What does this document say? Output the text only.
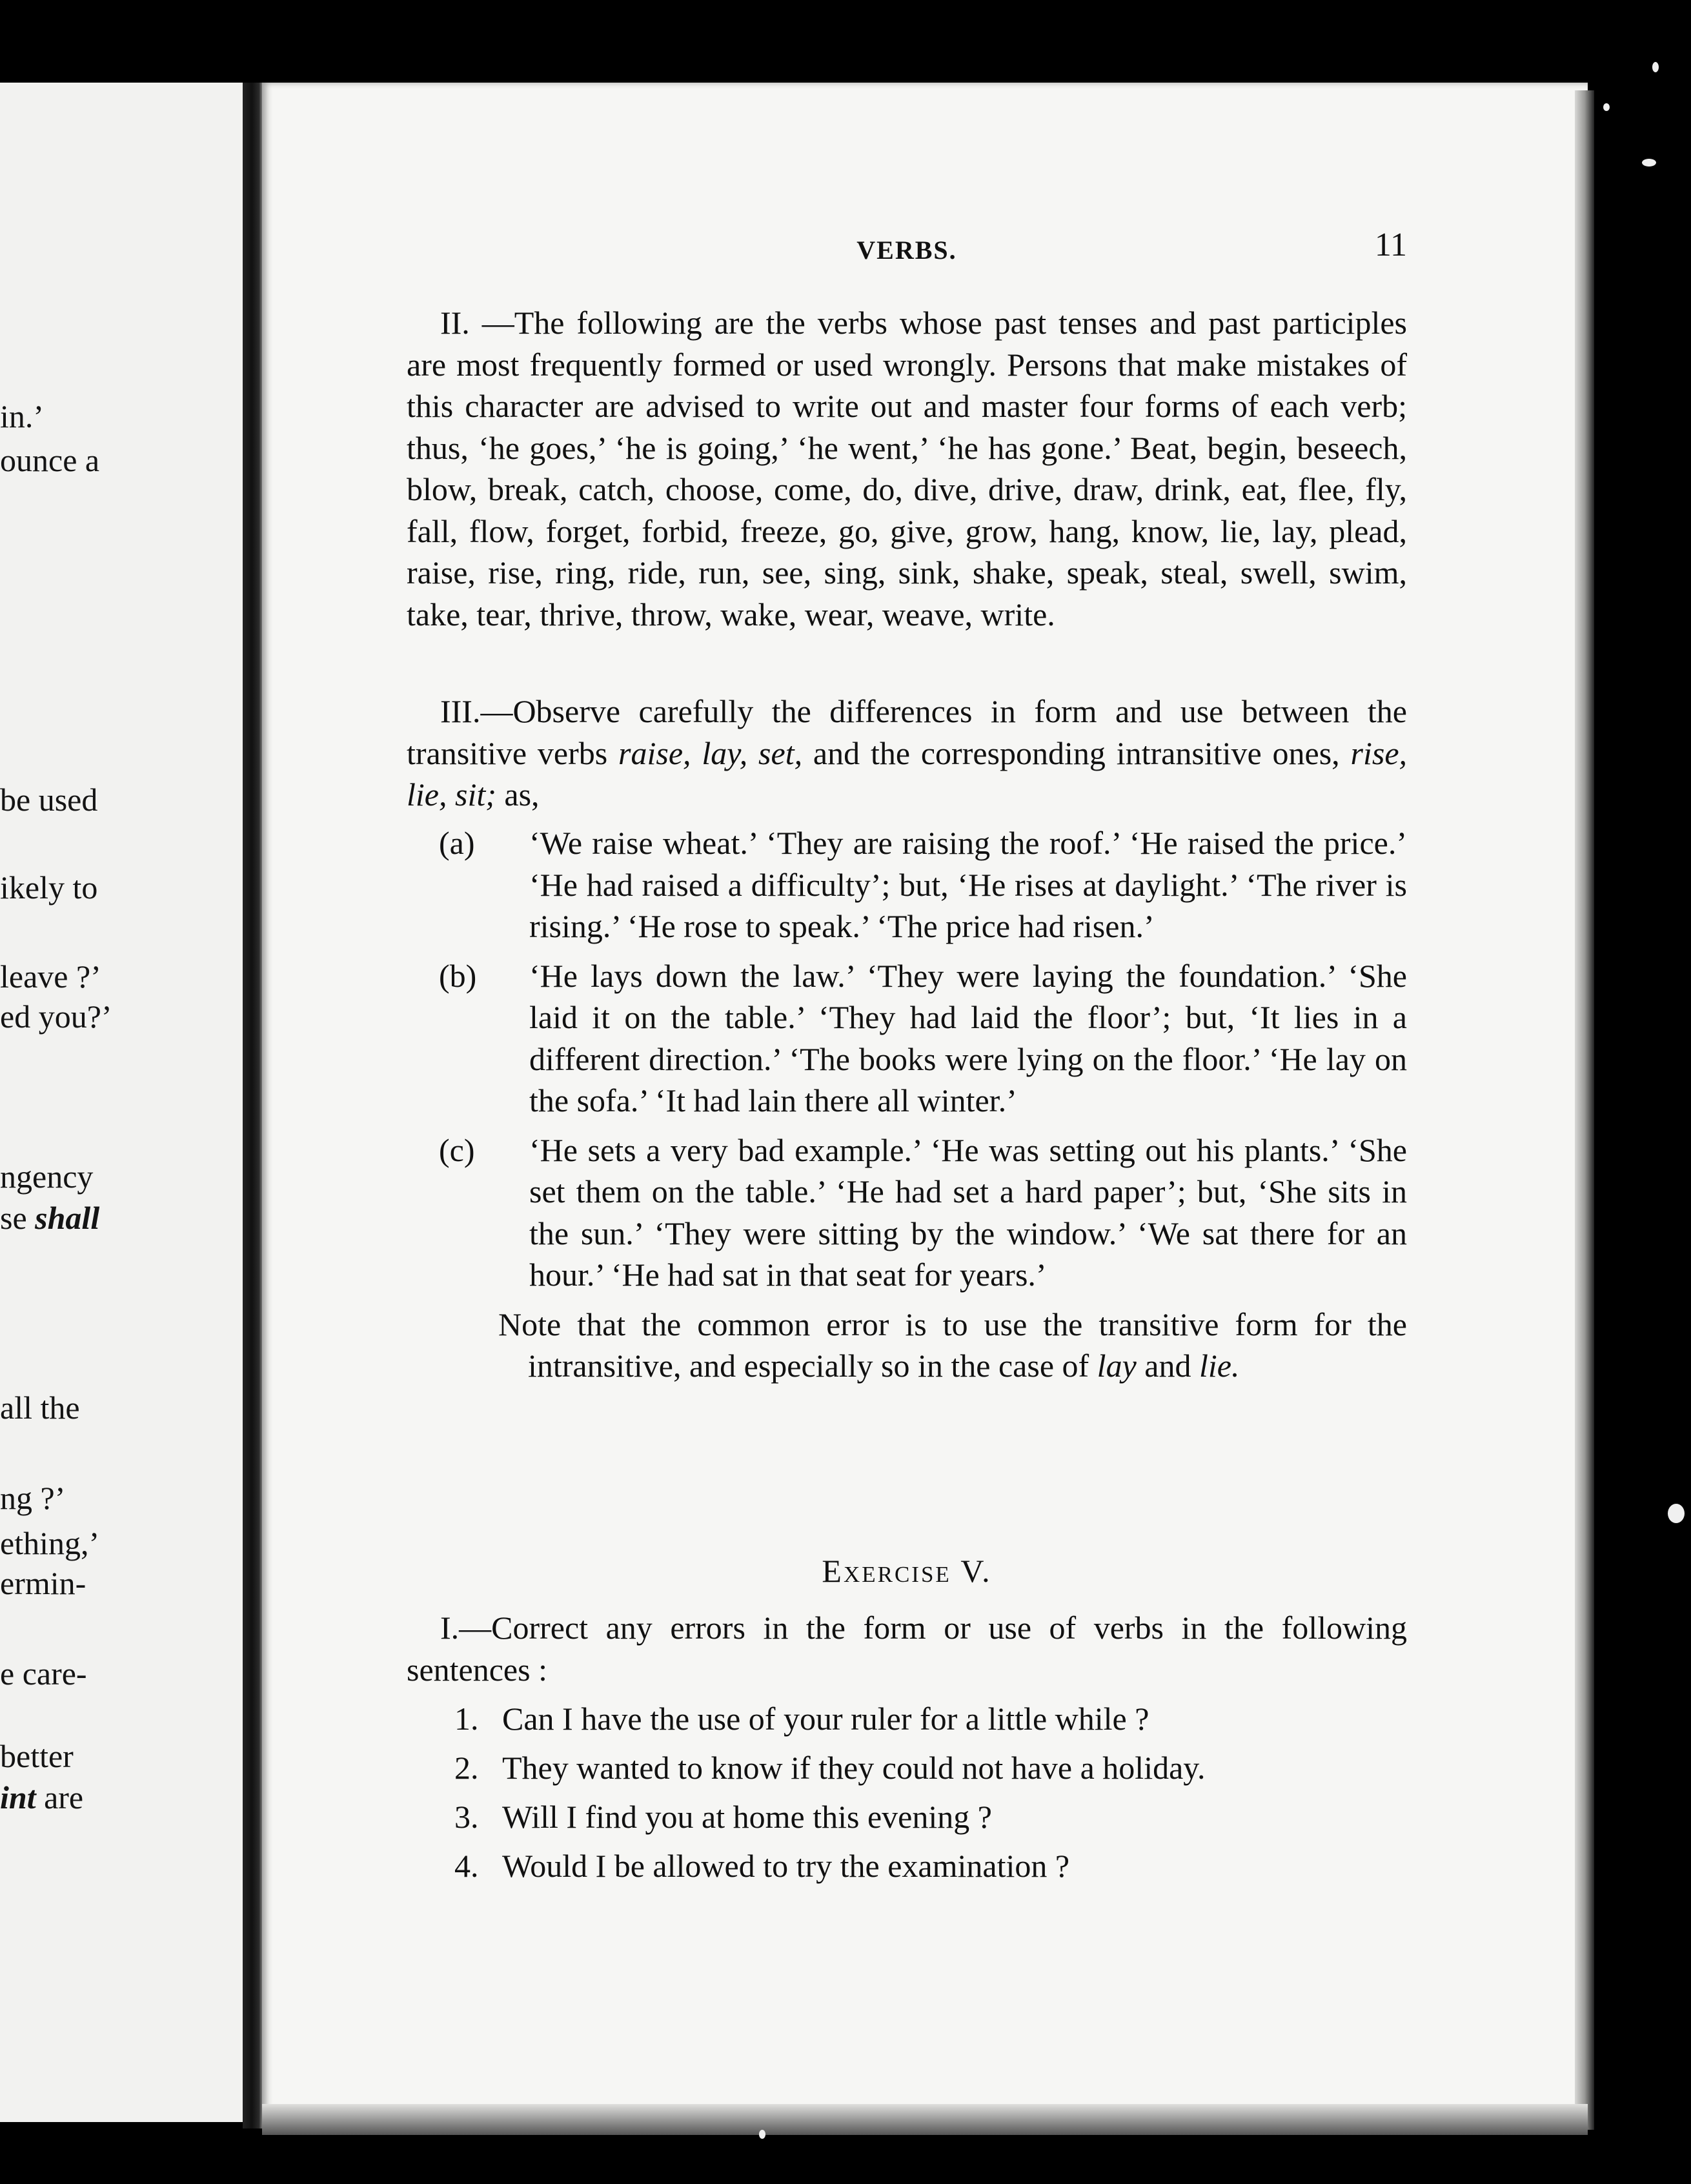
in.’
ounce a
be used
ikely to
leave ?’
ed you?’
ngency
se shall
all the
ng ?’
ething,’
ermin-
e care-
better
int are
VERBS.	11

II. —The following are the verbs whose past tenses and past participles are most frequently formed or used wrongly. Persons that make mistakes of this character are advised to write out and master four forms of each verb; thus, ‘he goes,’ ‘he is going,’ ‘he went,’ ‘he has gone.’ Beat, begin, beseech, blow, break, catch, choose, come, do, dive, drive, draw, drink, eat, flee, fly, fall, flow, forget, forbid, freeze, go, give, grow, hang, know, lie, lay, plead, raise, rise, ring, ride, run, see, sing, sink, shake, speak, steal, swell, swim, take, tear, thrive, throw, wake, wear, weave, write.

III.—Observe carefully the differences in form and use between the transitive verbs raise, lay, set, and the corresponding intransitive ones, rise, lie, sit; as,

(a) ‘We raise wheat.’ ‘They are raising the roof.’ ‘He raised the price.’ ‘He had raised a difficulty’; but, ‘He rises at daylight.’ ‘The river is rising.’ ‘He rose to speak.’ ‘The price had risen.’

(b) ‘He lays down the law.’ ‘They were laying the foundation.’ ‘She laid it on the table.’ ‘They had laid the floor’; but, ‘It lies in a different direction.’ ‘The books were lying on the floor.’ ‘He lay on the sofa.’ ‘It had lain there all winter.’

(c) ‘He sets a very bad example.’ ‘He was setting out his plants.’ ‘She set them on the table.’ ‘He had set a hard paper’; but, ‘She sits in the sun.’ ‘They were sitting by the window.’ ‘We sat there for an hour.’ ‘He had sat in that seat for years.’

Note that the common error is to use the transitive form for the intransitive, and especially so in the case of lay and lie.

Exercise V.

I.—Correct any errors in the form or use of verbs in the following sentences :

1. Can I have the use of your ruler for a little while ?

2. They wanted to know if they could not have a holiday.

3. Will I find you at home this evening ?

4. Would I be allowed to try the examination ?
